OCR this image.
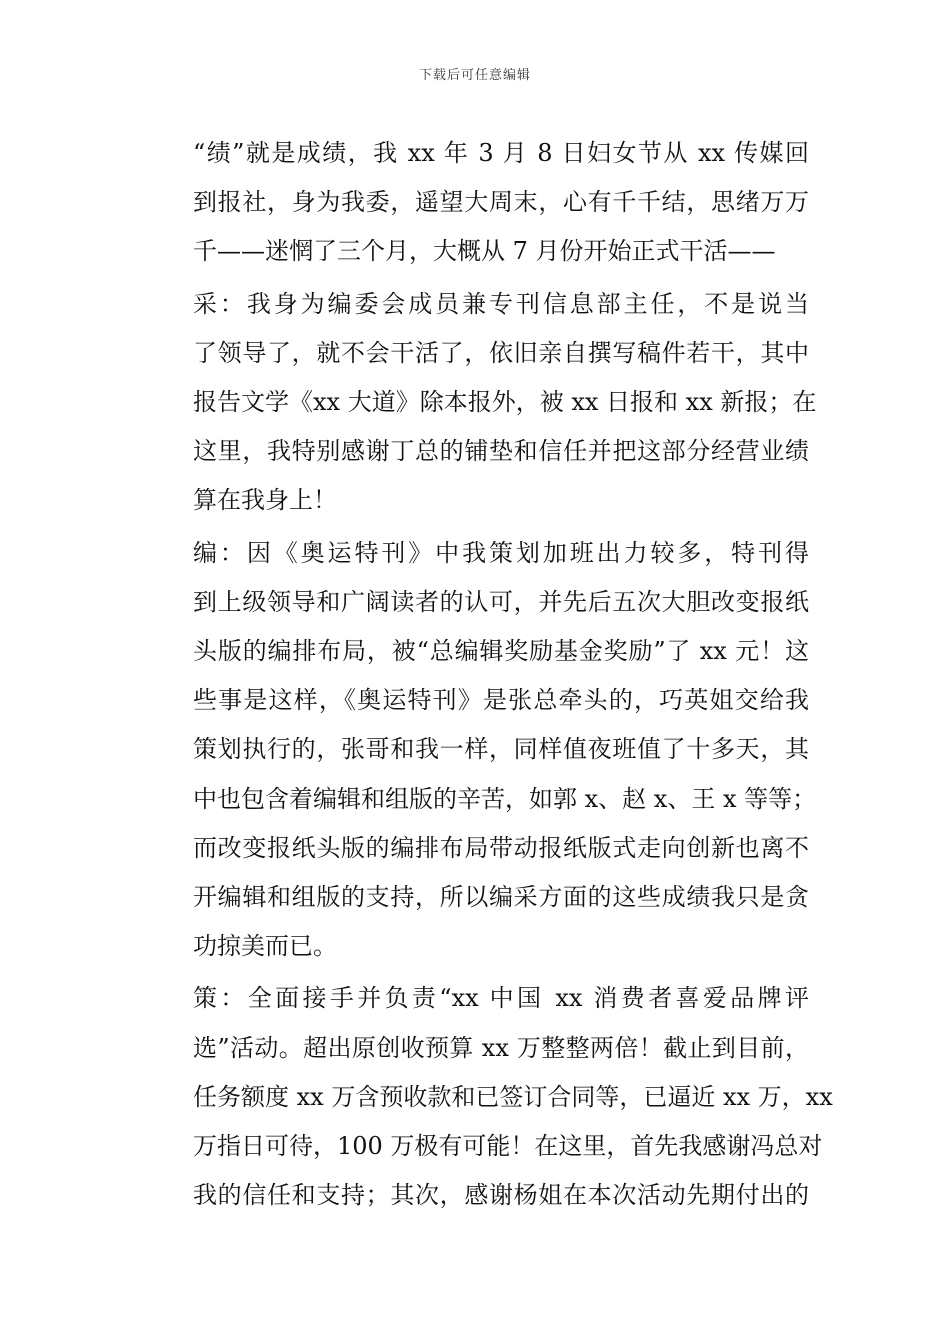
下载后可任意编辑

“绩”就是成绩，我 xx 年 3 月 8 日妇女节从 xx 传媒回
到报社，身为我委，遥望大周末，心有千千结，思绪万万
千——迷惘了三个月，大概从 7 月份开始正式干活——

采：我身为编委会成员兼专刊信息部主任，不是说当
了领导了，就不会干活了，依旧亲自撰写稿件若干，其中
报告文学《xx 大道》除本报外，被 xx 日报和 xx 新报；在
这里，我特别感谢丁总的铺垫和信任并把这部分经营业绩
算在我身上！

编：因《奥运特刊》中我策划加班出力较多，特刊得
到上级领导和广阔读者的认可，并先后五次大胆改变报纸
头版的编排布局，被“总编辑奖励基金奖励”了 xx 元！这
些事是这样，《奥运特刊》是张总牵头的，巧英姐交给我
策划执行的，张哥和我一样，同样值夜班值了十多天，其
中也包含着编辑和组版的辛苦，如郭 x、赵 x、王 x 等等；
而改变报纸头版的编排布局带动报纸版式走向创新也离不
开编辑和组版的支持，所以编采方面的这些成绩我只是贪
功掠美而已。

策：全面接手并负责“xx 中国 xx 消费者喜爱品牌评
选”活动。超出原创收预算 xx 万整整两倍！截止到目前，
任务额度 xx 万含预收款和已签订合同等，已逼近 xx 万，xx
万指日可待，100 万极有可能！在这里，首先我感谢冯总对
我的信任和支持；其次，感谢杨姐在本次活动先期付出的
